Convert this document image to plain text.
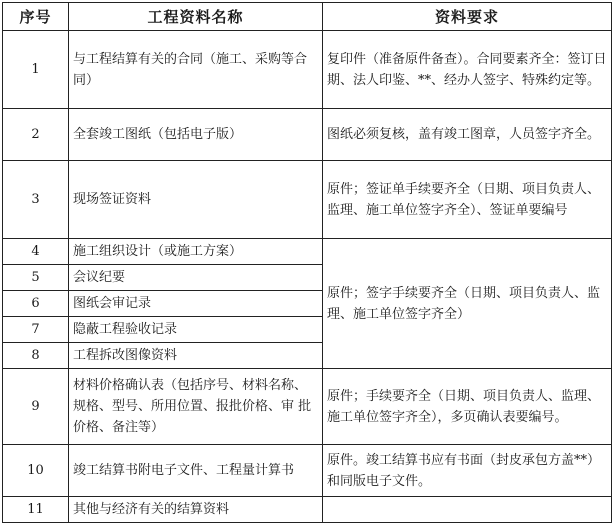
序号	工程资料名称	资料要求
1	与工程结算有关的合同（施工、采购等合同）	复印件（准备原件备查）。合同要素齐全：签订日期、法人印鉴、**、经办人签字、特殊约定等。
2	全套竣工图纸（包括电子版）	图纸必须复核，盖有竣工图章，人员签字齐全。
3	现场签证资料	原件；签证单手续要齐全（日期、项目负责人、监理、施工单位签字齐全）、签证单要编号
4	施工组织设计（或施工方案）	原件；签字手续要齐全（日期、项目负责人、监理、施工单位签字齐全）
5	会议纪要	
6	图纸会审记录	
7	隐蔽工程验收记录	
8	工程拆改图像资料	
9	材料价格确认表（包括序号、材料名称、规格、型号、所用位置、报批价格、审 批价格、备注等）	原件；手续要齐全（日期、项目负责人、监理、施工单位签字齐全），多页确认表要编号。
10	竣工结算书附电子文件、工程量计算书	原件。竣工结算书应有书面（封皮承包方盖**）和同版电子文件。
11	其他与经济有关的结算资料	
